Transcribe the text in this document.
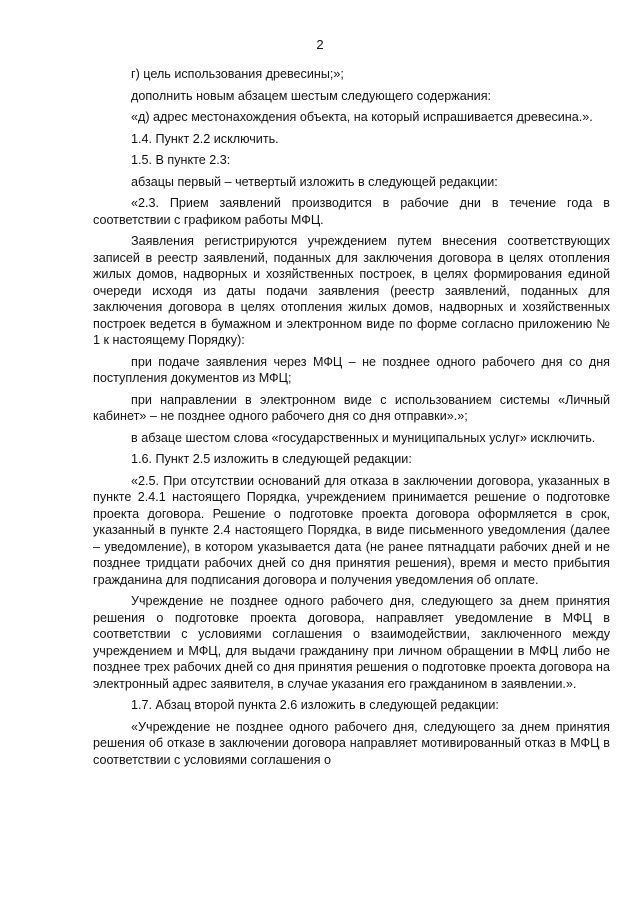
2

г) цель использования древесины;»;

дополнить новым абзацем шестым следующего содержания:

«д) адрес местонахождения объекта, на который испрашивается древесина.».

1.4. Пункт 2.2 исключить.

1.5. В пункте 2.3:

абзацы первый – четвертый изложить в следующей редакции:

«2.3. Прием заявлений производится в рабочие дни в течение года в соответствии с графиком работы МФЦ.

Заявления регистрируются учреждением путем внесения соответствующих записей в реестр заявлений, поданных для заключения договора в целях отопления жилых домов, надворных и хозяйственных построек, в целях формирования единой очереди исходя из даты подачи заявления (реестр заявлений, поданных для заключения договора в целях отопления жилых домов, надворных и хозяйственных построек ведется в бумажном и электронном виде по форме согласно приложению № 1 к настоящему Порядку):

при подаче заявления через МФЦ – не позднее одного рабочего дня со дня поступления документов из МФЦ;

при направлении в электронном виде с использованием системы «Личный кабинет» – не позднее одного рабочего дня со дня отправки».»;

в абзаце шестом слова «государственных и муниципальных услуг» исключить.

1.6. Пункт 2.5 изложить в следующей редакции:

«2.5. При отсутствии оснований для отказа в заключении договора, указанных в пункте 2.4.1 настоящего Порядка, учреждением принимается решение о подготовке проекта договора. Решение о подготовке проекта договора оформляется в срок, указанный в пункте 2.4 настоящего Порядка, в виде письменного уведомления (далее – уведомление), в котором указывается дата (не ранее пятнадцати рабочих дней и не позднее тридцати рабочих дней со дня принятия решения), время и место прибытия гражданина для подписания договора и получения уведомления об оплате.

Учреждение не позднее одного рабочего дня, следующего за днем принятия решения о подготовке проекта договора, направляет уведомление в МФЦ в соответствии с условиями соглашения о взаимодействии, заключенного между учреждением и МФЦ, для выдачи гражданину при личном обращении в МФЦ либо не позднее трех рабочих дней со дня принятия решения о подготовке проекта договора на электронный адрес заявителя, в случае указания его гражданином в заявлении.».

1.7. Абзац второй пункта 2.6 изложить в следующей редакции:

«Учреждение не позднее одного рабочего дня, следующего за днем принятия решения об отказе в заключении договора направляет мотивированный отказ в МФЦ в соответствии с условиями соглашения о
